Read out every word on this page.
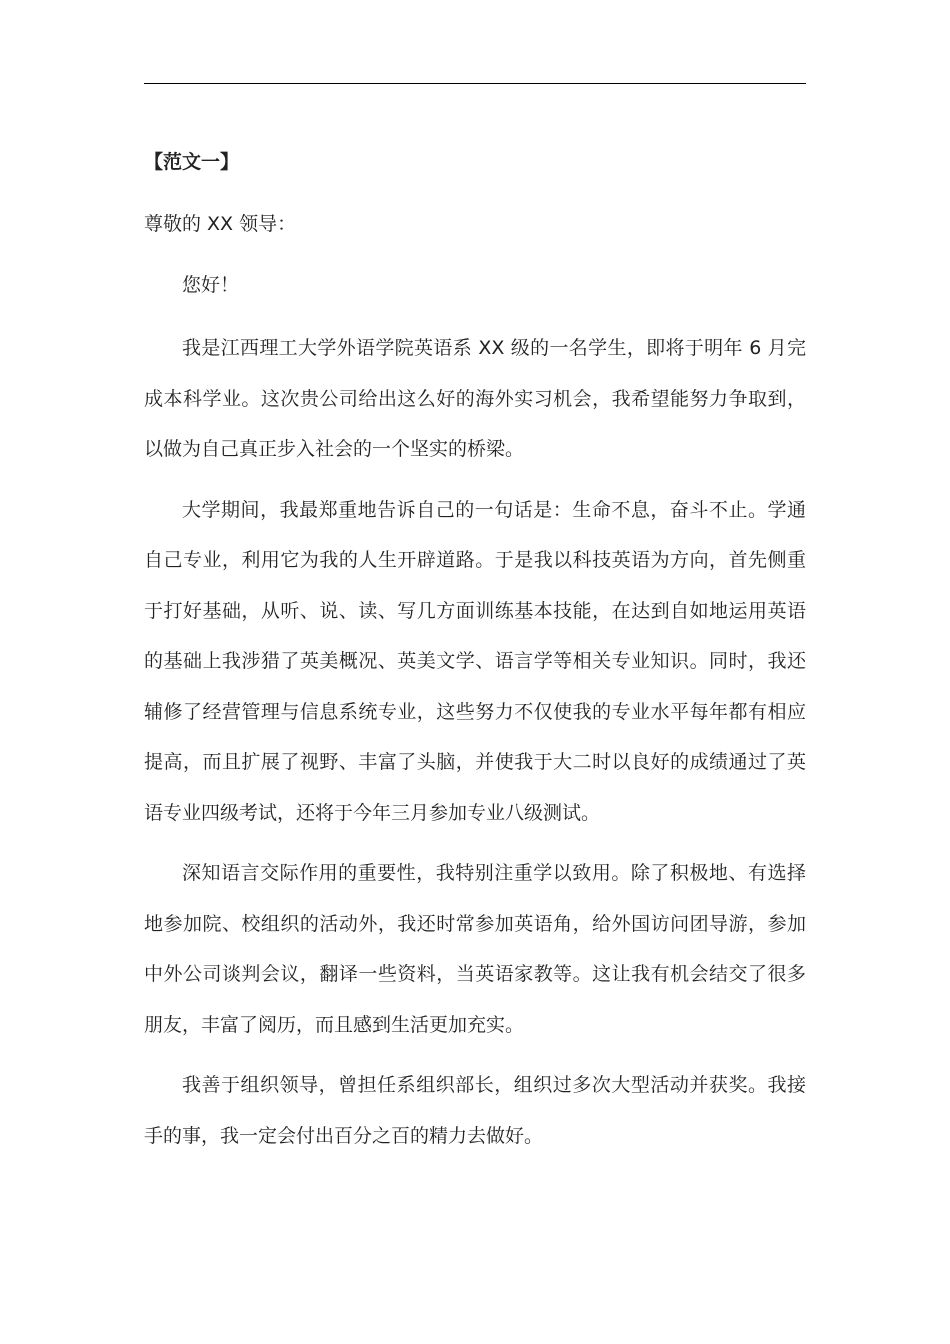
【范文一】
尊敬的 XX 领导：
您好！

我是江西理工大学外语学院英语系 XX 级的一名学生，即将于明年 6 月完成本科学业。这次贵公司给出这么好的海外实习机会，我希望能努力争取到，以做为自己真正步入社会的一个坚实的桥梁。

大学期间，我最郑重地告诉自己的一句话是：生命不息，奋斗不止。学通自己专业，利用它为我的人生开辟道路。于是我以科技英语为方向，首先侧重于打好基础，从听、说、读、写几方面训练基本技能，在达到自如地运用英语的基础上我涉猎了英美概况、英美文学、语言学等相关专业知识。同时，我还辅修了经营管理与信息系统专业，这些努力不仅使我的专业水平每年都有相应提高，而且扩展了视野、丰富了头脑，并使我于大二时以良好的成绩通过了英语专业四级考试，还将于今年三月参加专业八级测试。

深知语言交际作用的重要性，我特别注重学以致用。除了积极地、有选择地参加院、校组织的活动外，我还时常参加英语角，给外国访问团导游，参加中外公司谈判会议，翻译一些资料，当英语家教等。这让我有机会结交了很多朋友，丰富了阅历，而且感到生活更加充实。

我善于组织领导，曾担任系组织部长，组织过多次大型活动并获奖。我接手的事，我一定会付出百分之百的精力去做好。
